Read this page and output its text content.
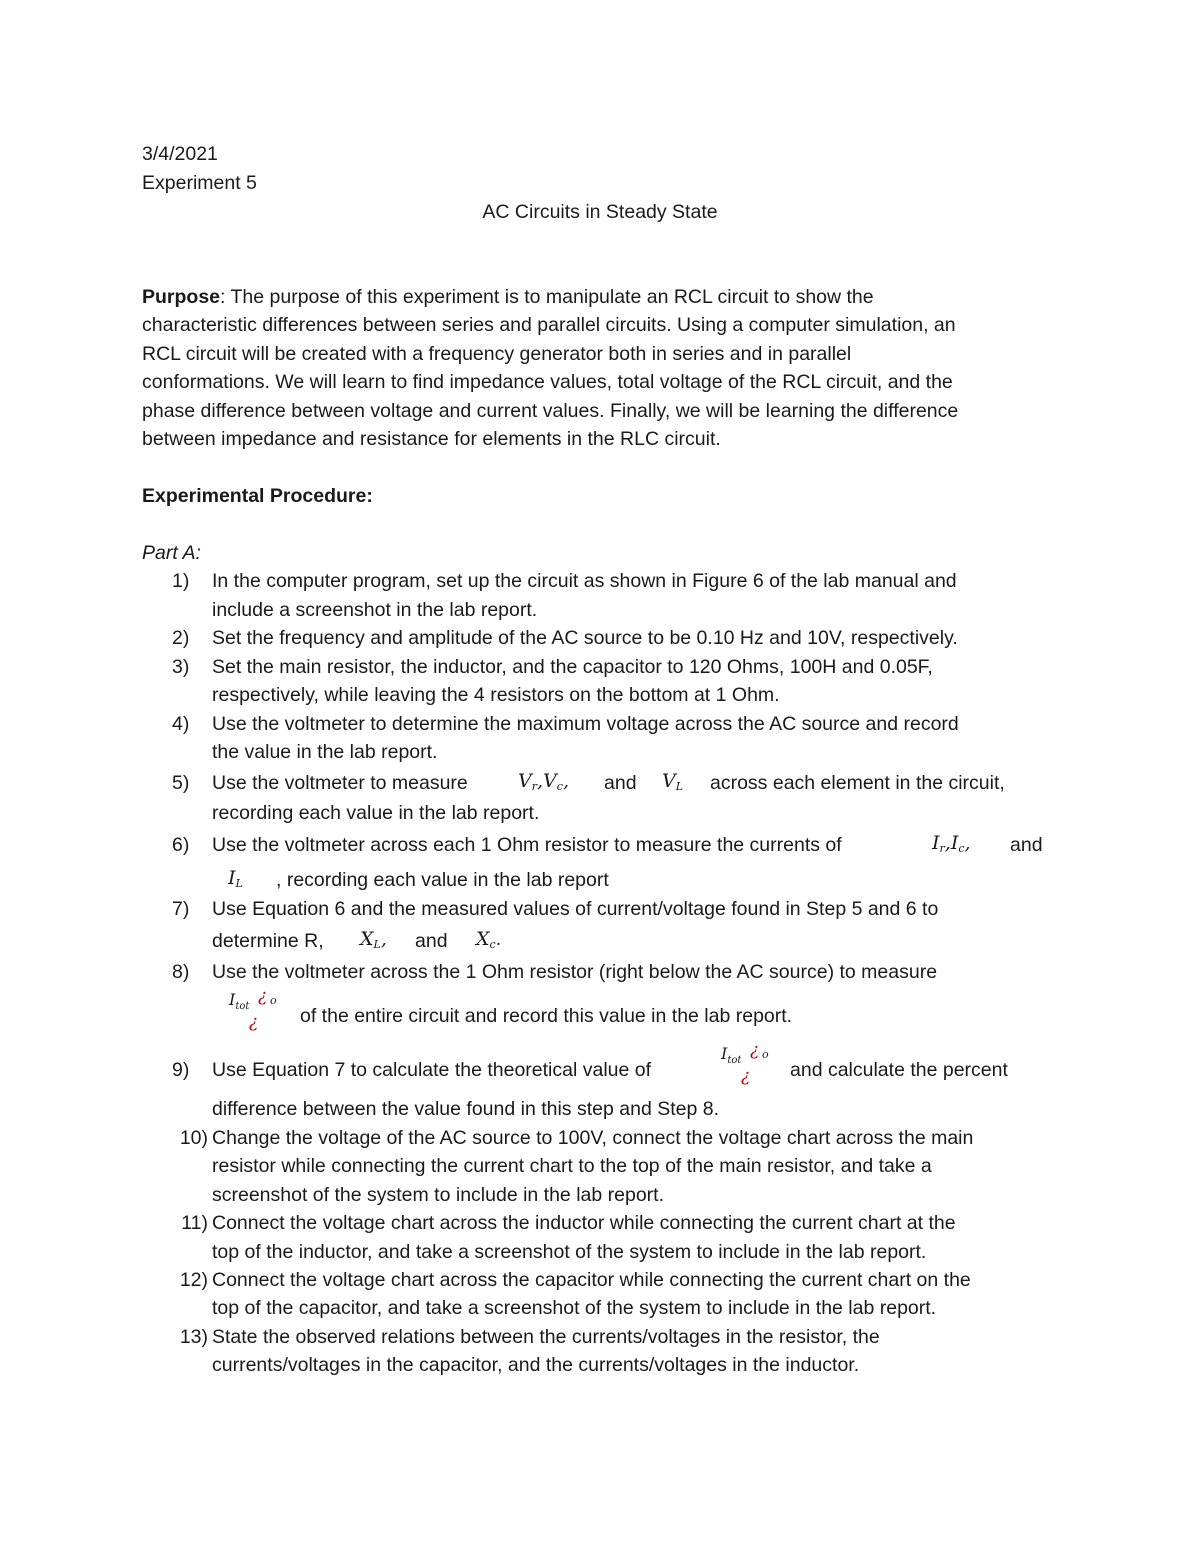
3/4/2021
Experiment 5
AC Circuits in Steady State
Purpose: The purpose of this experiment is to manipulate an RCL circuit to show the
characteristic differences between series and parallel circuits. Using a computer simulation, an
RCL circuit will be created with a frequency generator both in series and in parallel
conformations. We will learn to find impedance values, total voltage of the RCL circuit, and the
phase difference between voltage and current values. Finally, we will be learning the difference
between impedance and resistance for elements in the RLC circuit.
Experimental Procedure:
Part A:
1)	In the computer program, set up the circuit as shown in Figure 6 of the lab manual and
include a screenshot in the lab report.
2)	Set the frequency and amplitude of the AC source to be 0.10 Hz and 10V, respectively.
3)	Set the main resistor, the inductor, and the capacitor to 120 Ohms, 100H and 0.05F,
respectively, while leaving the 4 resistors on the bottom at 1 Ohm.
4)	Use the voltmeter to determine the maximum voltage across the AC source and record
the value in the lab report.
5)	Use the voltmeter to measure	$V_r,V_c$, and $V_L$ across each element in the circuit,
recording each value in the lab report.
6)	Use the voltmeter across each 1 Ohm resistor to measure the currents of	$I_r,I_c$, and
$I_L$ , recording each value in the lab report
7)	Use Equation 6 and the measured values of current/voltage found in Step 5 and 6 to
determine R, $X_L$, and $X_c$.
8)	Use the voltmeter across the 1 Ohm resistor (right below the AC source) to measure
$I_{tot}$
¿ o
¿ of the entire circuit and record this value in the lab report.
9)	Use Equation 7 to calculate the theoretical value of
$I_{tot}$
¿ o
¿ and calculate the percent
difference between the value found in this step and Step 8.
10) Change the voltage of the AC source to 100V, connect the voltage chart across the main
resistor while connecting the current chart to the top of the main resistor, and take a
screenshot of the system to include in the lab report.
11) Connect the voltage chart across the inductor while connecting the current chart at the
top of the inductor, and take a screenshot of the system to include in the lab report.
12) Connect the voltage chart across the capacitor while connecting the current chart on the
top of the capacitor, and take a screenshot of the system to include in the lab report.
13) State the observed relations between the currents/voltages in the resistor, the
currents/voltages in the capacitor, and the currents/voltages in the inductor.
